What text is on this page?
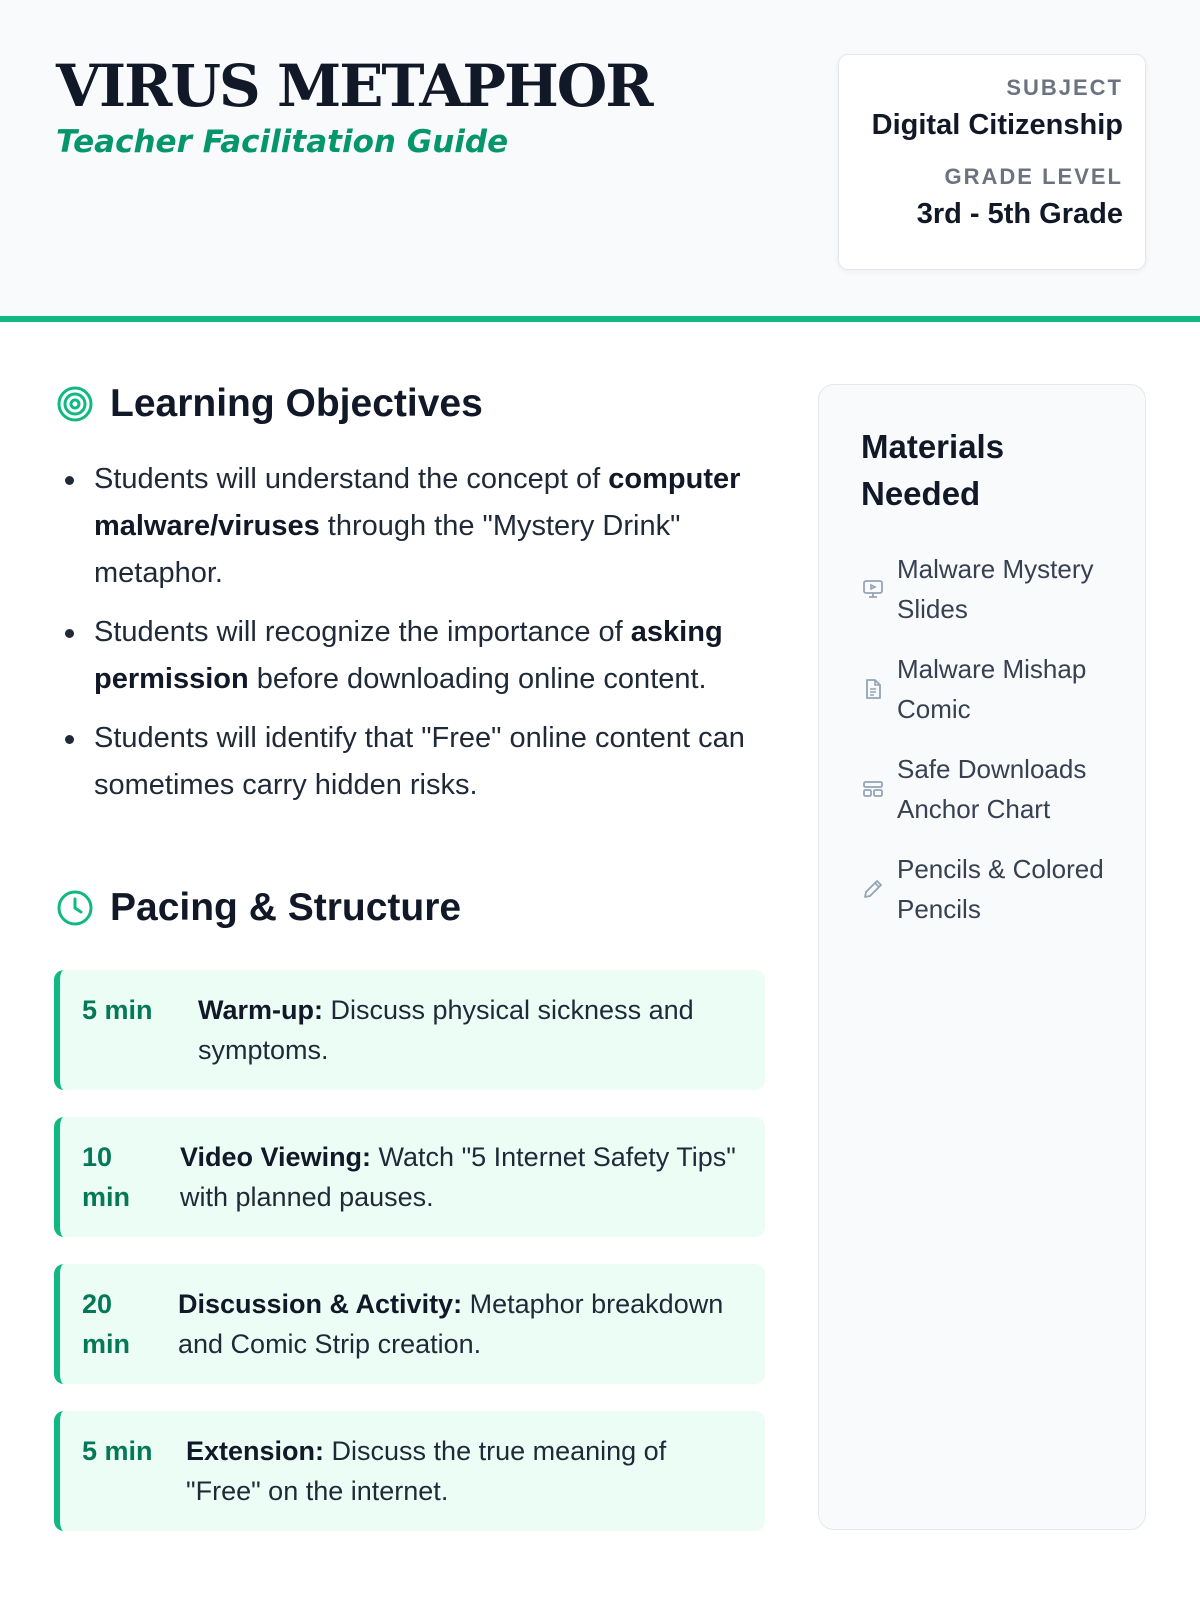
VIRUS METAPHOR
Teacher Facilitation Guide
SUBJECT
Digital Citizenship
GRADE LEVEL
3rd - 5th Grade
Learning Objectives
Students will understand the concept of computer malware/viruses through the "Mystery Drink" metaphor.
Students will recognize the importance of asking permission before downloading online content.
Students will identify that "Free" online content can sometimes carry hidden risks.
Pacing & Structure
5 min	Warm-up: Discuss physical sickness and symptoms.
10 min
Video Viewing: Watch "5 Internet Safety Tips" with planned pauses.
20 min
Discussion & Activity: Metaphor breakdown and Comic Strip creation.
5 min	Extension: Discuss the true meaning of "Free" on the internet.
Materials Needed
Malware Mystery Slides
Malware Mishap Comic
Safe Downloads Anchor Chart
Pencils & Colored Pencils
